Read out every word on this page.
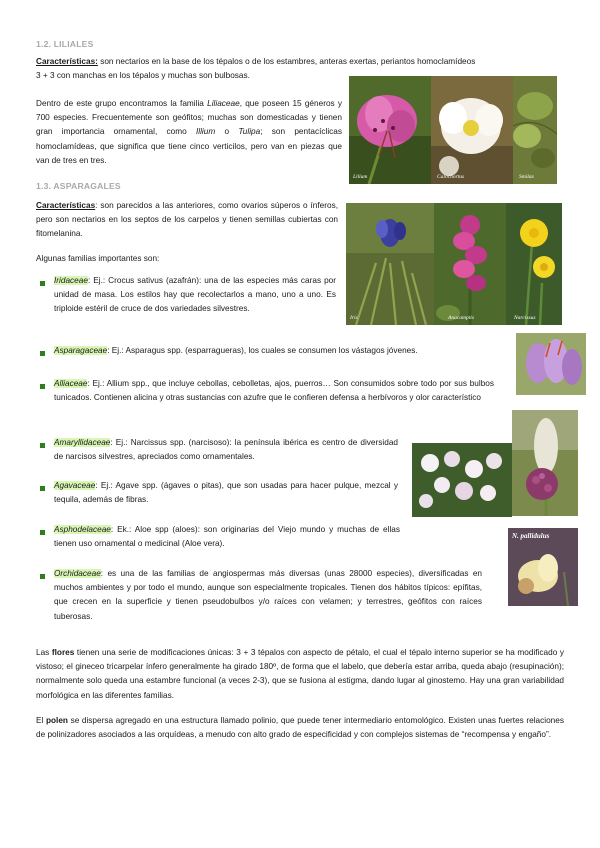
1.2. LILIALES
Características: son nectarios en la base de los tépalos o de los estambres, anteras exertas, periantos homoclamídeos
3 + 3 con manchas en los tépalos y muchas son bulbosas.
Dentro de este grupo encontramos la familia Liliaceae, que poseen 15 géneros y 700 especies. Frecuentemente son geófitos; muchas son domesticadas y tienen gran importancia ornamental, como Illium o Tulipa; son pentacíclicas homoclamídeas, que significa que tiene cinco verticilos, pero van en piezas que van de tres en tres.
Lilium	Calochortus	Smilax
1.3. ASPARAGALES
Características: son parecidos a las anteriores, como ovarios súperos o ínferos, pero son nectarios en los septos de los carpelos y tienen semillas cubiertas con fitomelanina.
Algunas familias importantes son:
Iris	Anacamptis	Narcissus
Iridaceae: Ej.: Crocus sativus (azafrán): una de las especies más caras por unidad de masa. Los estilos hay que recolectarlos a mano, uno a uno. Es triploide estéril de cruce de dos variedades silvestres.
Asparagaceae: Ej.: Asparagus spp. (esparragueras), los cuales se consumen los vástagos jóvenes.
Alliaceae: Ej.: Allium spp., que incluye cebollas, cebolletas, ajos, puerros… Son consumidos sobre todo por sus bulbos tunicados. Contienen alicina y otras sustancias con azufre que le confieren defensa a herbívoros y olor característico
Amaryllidaceae: Ej.: Narcissus spp. (narcisoso): la península ibérica es centro de diversidad de narcisos silvestres, apreciados como ornamentales.
Agavaceae: Ej.: Agave spp. (ágaves o pitas), que son usadas para hacer pulque, mezcal y tequila, además de fibras.
Asphodelaceae: Ek.: Aloe spp (aloes): son originarias del Viejo mundo y muchas de ellas tienen uso ornamental o medicinal (Aloe vera).
Orchidaceae: es una de las familias de angiospermas más diversas (unas 28000 especies), diversificadas en muchos ambientes y por todo el mundo, aunque son especialmente tropicales. Tienen dos hábitos típicos: epífitas, que crecen en la superficie y tienen pseudobulbos y/o raíces con velamen; y terrestres, geófitos con raíces tuberosas.
N. pallidulus
Las flores tienen una serie de modificaciones únicas: 3 + 3 tépalos con aspecto de pétalo, el cual el tépalo interno superior se ha modificado y vistoso; el gineceo tricarpelar ínfero generalmente ha girado 180º, de forma que el labelo, que debería estar arriba, queda abajo (resupinación); normalmente solo queda una estambre funcional (a veces 2-3), que se fusiona al estigma, dando lugar al ginostemo. Hay una gran variabilidad morfológica en las diferentes familias.
El polen se dispersa agregado en una estructura llamado polinio, que puede tener intermediario entomológico. Existen unas fuertes relaciones de polinizadores asociados a las orquídeas, a menudo con alto grado de especificidad y con complejos sistemas de “recompensa y engaño”.
